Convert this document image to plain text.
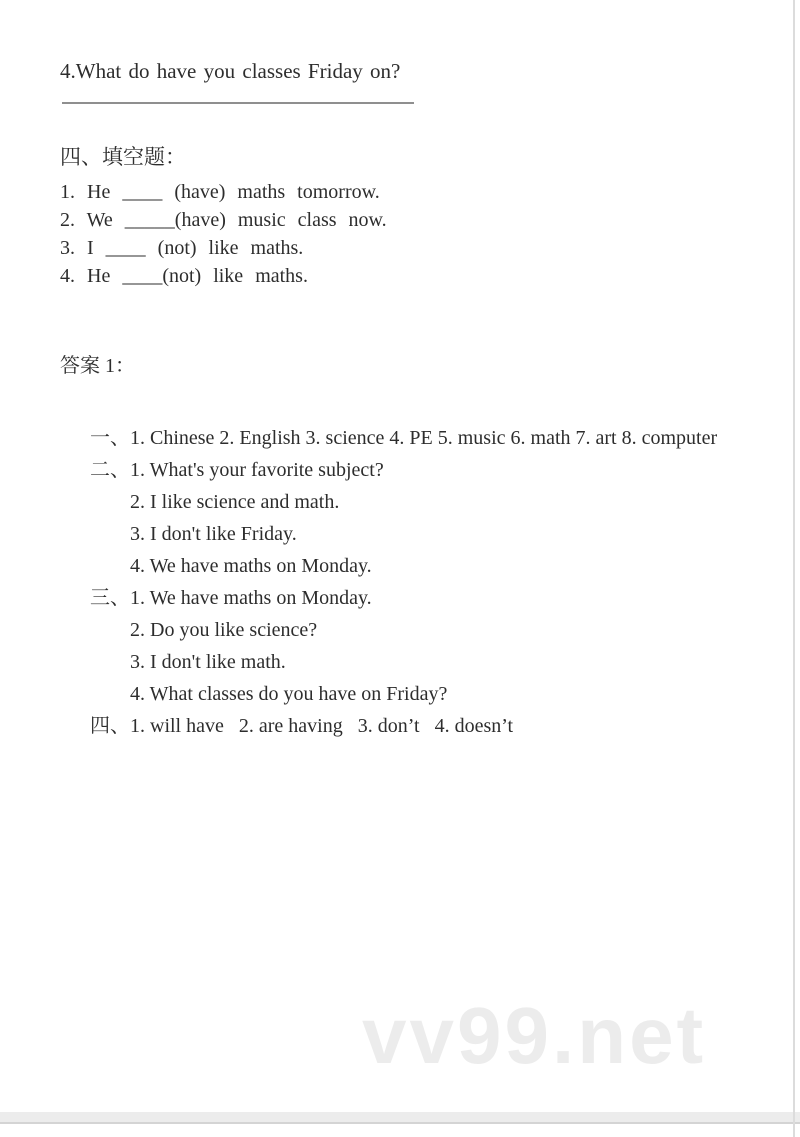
vv99.net
4.What do have you classes Friday on?
四、填空题：
1. He ____ (have) maths tomorrow.
2. We _____(have) music class now.
3. I ____ (not) like maths.
4. He ____(not) like maths.
答案 1：

一、1. Chinese 2. English 3. science 4. PE 5. music 6. math 7. art 8. computer

二、1. What's your favorite subject?

2. I like science and math.

3. I don't like Friday.

4. We have maths on Monday.

三、1. We have maths on Monday.

2. Do you like science?

3. I don't like math.

4. What classes do you have on Friday?

四、1. will have   2. are having   3. don’t   4. doesn’t
